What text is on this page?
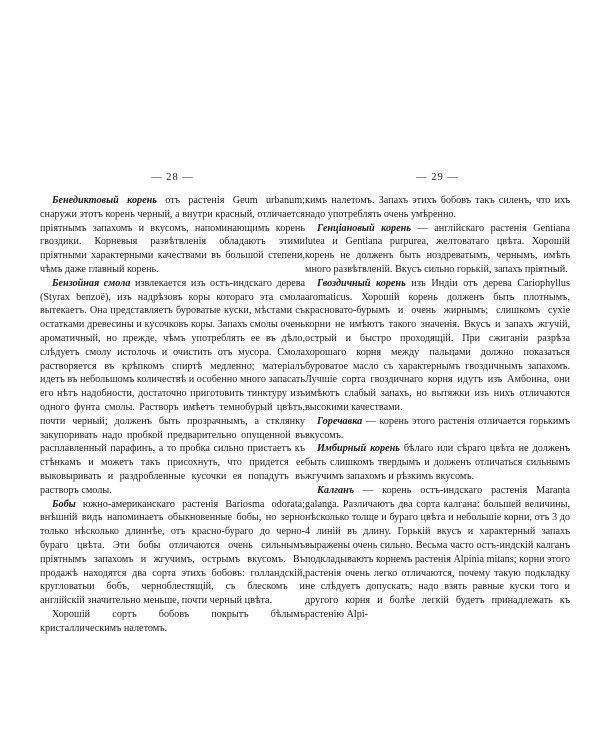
— 28 —

Бенедиктовый корень отъ растенія Geum urbanum; снаружи этотъ корень черный, а внутри красный, отличается пріятнымъ запахомъ и вкусомъ, напоминающимъ корень гвоздики. Корневыя развѣтвленія обладаютъ этими пріятными характерными качествами въ большой степени, чѣмъ даже главный корень.

Бензойная смола извлекается изъ остъ-индскаго дерева (Styrax benzoë), изъ надрѣзовъ коры котораго эта смола вытекаетъ. Она представляетъ буроватые куски, мѣстами съ остатками древесины и кусочковъ коры. Запахъ смолы очень ароматичный, но прежде, чѣмъ употреблять ее въ дѣло, слѣдуетъ смолу истолочь и очистить отъ мусора. Смола растворяется въ крѣпкомъ спиртѣ медленно; матеріалъ идетъ въ небольшомъ количествѣ и особенно много запасать его нѣтъ надобности, достаточно приготовить тинктуру изъ одного фунта смолы. Растворъ имѣетъ темнобурый цвѣтъ, почти черный; долженъ быть прозрачнымъ, а стклянку закупоривать надо пробкой предварительно опущенной въ расплавленный парафинъ, а то пробка сильно пристаетъ къ стѣнкамъ и можетъ такъ присохнуть, что придется ее выковыривать и раздробленные кусочки ея попадутъ въ растворъ смолы.

Бобы южно-американскаго растенія Bariosma odorata; внѣшній видъ напоминаетъ обыкновенные бобы, но зерно только нѣсколько длиннѣе, отъ красно-бураго до черно-бураго цвѣта. Эти бобы отличаются очень сильнымъ пріятнымъ запахомъ и жгучимъ, острымъ вкусомъ. Въ продажѣ находятся два сорта этихъ бобовъ: голландскій, кругловатыи бобъ, черноблестящій, съ блескомъ и англійскій значительно меньше, почти черный цвѣта.

Хорошій сортъ бобовъ покрытъ бѣлымъ кристаллическимъ налетомъ.

— 29 —

кимъ налетомъ. Запахъ этихъ бобовъ такъ силенъ, что ихъ надо употреблять очень умѣренно.

Генціановый корень — англійскаго растенія Gentiana lutea и Gentiana purpurea, желтоватаго цвѣта. Хорошій корень не долженъ быть ноздреватымъ, чернымъ, имѣть много развѣтвленій. Вкусъ сильно горькій, запахъ пріятный.

Гвоздичный корень изъ Индіи отъ дерева Cariophyllus aromaticus. Хорошій корень долженъ быть плотнымъ, красновато-бурымъ и очень жирнымъ; слишкомъ сухіе корни не имѣютъ такого значенія. Вкусъ и запахъ жгучій, острый и быстро проходящій. При сжиганіи разрѣза хорошаго корня между пальцами должно показаться буроватое масло съ характернымъ гвоздичнымъ запахомъ. Лучшіе сорта гвоздичнаго корня идутъ изъ Амбоина, они имѣютъ слабый запахъ, но вытяжки изъ нихъ отличаются высокими качествами.

Горечавка — корень этого растенія отличается горькимъ вкусомъ.

Имбирный корень бѣлаго или сѣраго цвѣта не долженъ быть слишкомъ твердымъ и долженъ отличаться сильнымъ жгучимъ запахомъ и рѣзкимъ вкусомъ.

Калганъ — корень остъ-индскаго растенія Maranta galanga. Различаютъ два сорта калгана: большей величины, нѣсколько толще и бураго цвѣта и небольшіе корни, отъ 3 до 4 линій въ длину. Горькій вкусъ и характерный запахъ выражены очень сильно. Весьма часто остъ-индскій калганъ подкладываютъ корнемъ растенія Alpinia mitans; корни этого растенія очень легко отличаются, почему такую подкладку не слѣдуетъ допускать; надо взять равные куски того и другого корня и болѣе легкій будетъ принадлежать къ растенію Alpi-
